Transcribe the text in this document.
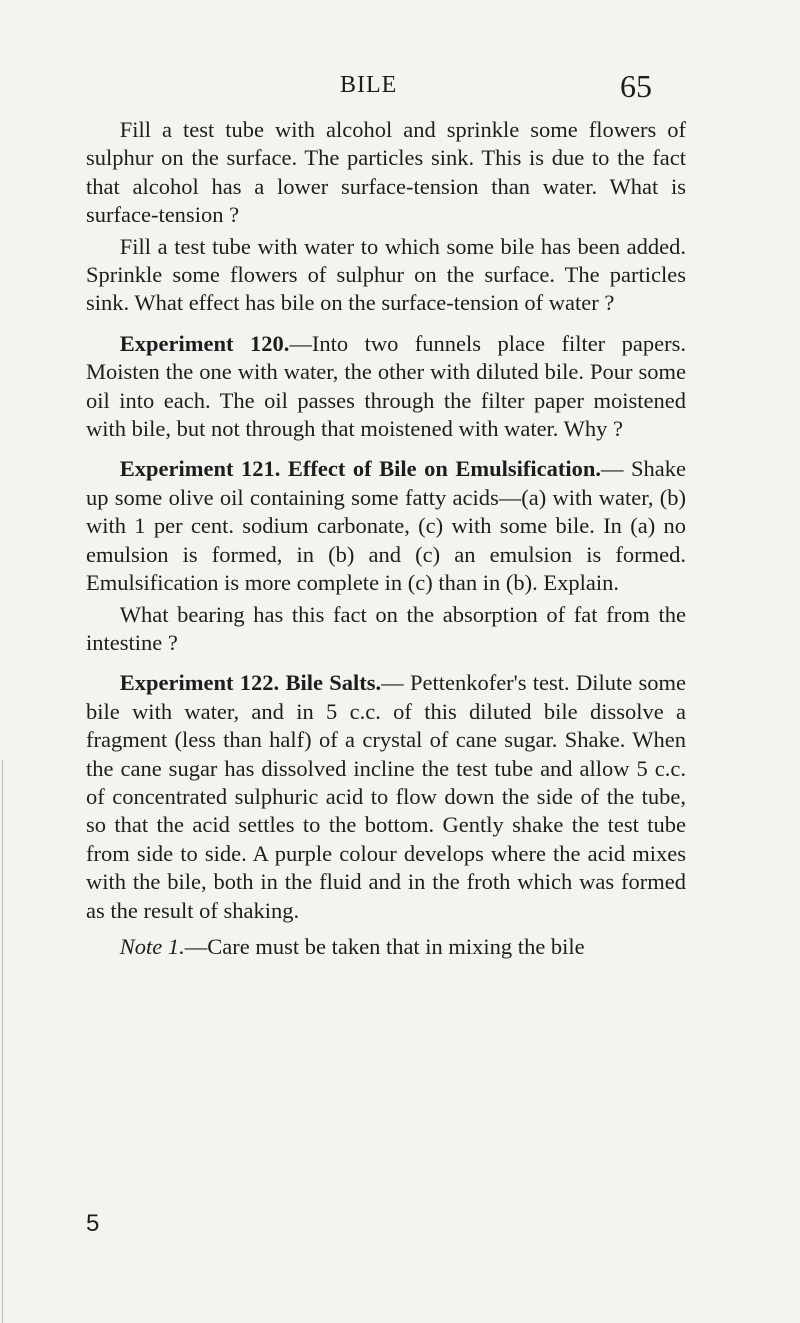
BILE	65

Fill a test tube with alcohol and sprinkle some flowers of sulphur on the surface. The particles sink. This is due to the fact that alcohol has a lower surface-tension than water. What is surface-tension ?

Fill a test tube with water to which some bile has been added. Sprinkle some flowers of sulphur on the surface. The particles sink. What effect has bile on the surface-tension of water ?

Experiment 120.—Into two funnels place filter papers. Moisten the one with water, the other with diluted bile. Pour some oil into each. The oil passes through the filter paper moistened with bile, but not through that moistened with water. Why ?

Experiment 121. Effect of Bile on Emulsification.— Shake up some olive oil containing some fatty acids—(a) with water, (b) with 1 per cent. sodium carbonate, (c) with some bile. In (a) no emulsion is formed, in (b) and (c) an emulsion is formed. Emulsification is more complete in (c) than in (b). Explain.

What bearing has this fact on the absorption of fat from the intestine ?

Experiment 122. Bile Salts.— Pettenkofer's test. Dilute some bile with water, and in 5 c.c. of this diluted bile dissolve a fragment (less than half) of a crystal of cane sugar. Shake. When the cane sugar has dissolved incline the test tube and allow 5 c.c. of concentrated sulphuric acid to flow down the side of the tube, so that the acid settles to the bottom. Gently shake the test tube from side to side. A purple colour develops where the acid mixes with the bile, both in the fluid and in the froth which was formed as the result of shaking.

Note 1.—Care must be taken that in mixing the bile

5
